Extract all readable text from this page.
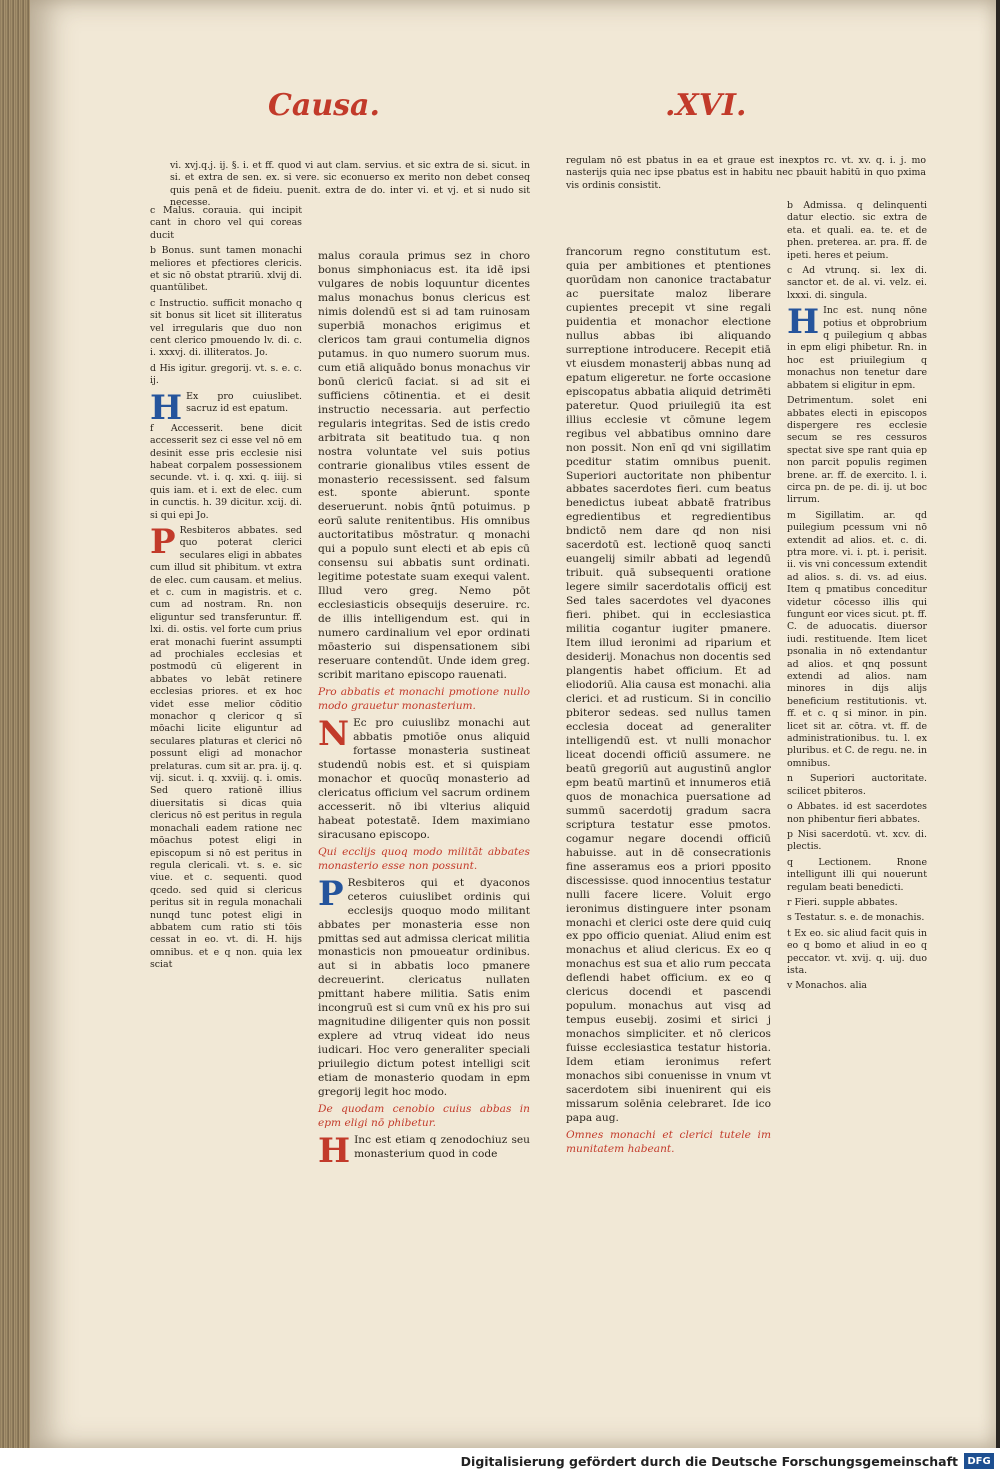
Causa.	.XVI.

vi. xvj.q.j. ij. §. i. et ff. quod vi aut clam. servius. et sic extra de si. sicut. in si. et extra de sen. ex. si vere. sic econuerso ex merito non debet conseq quis penā et de fideiu. puenit. extra de do. inter vi. et vj. et si nudo sit necesse.

c Malus. corauia. qui incipit cant in choro vel qui coreas ducit

b Bonus. sunt tamen monachi meliores et pfectiores clericis. et sic nō obstat ptrariū. xlvij di. quantūlibet.

c Instructio. sufficit monacho q sit bonus sit licet sit illiteratus vel irregularis que duo non cent clerico pmouendo lv. di. c. i. xxxvj. di. illiteratos. Jo.

d His igitur. gregorij. vt. s. e. c. ij.

H Ex pro cuiuslibet. sacruz id est epatum.

f Accesserit. bene dicit accesserit sez ci esse vel nō em desinit esse pris ecclesie nisi habeat corpalem possessionem secunde. vt. i. q. xxi. q. iiij. si quis iam. et i. ext de elec. cum in cunctis. h. 39 dicitur. xcij. di. si qui epi Jo.

P Resbiteros abbates. sed quo poterat clerici seculares eligi in abbates cum illud sit phibitum. vt extra de elec. cum causam. et melius. et c. cum in magistris. et c. cum ad nostram. Rn. non eliguntur sed transferuntur. ff. lxi. di. ostis. vel forte cum prius erat monachi fuerint assumpti ad prochiales ecclesias et postmodū cū eligerent in abbates vo lebāt retinere ecclesias priores. et ex hoc videt esse melior cōditio monachor q clericor q sī mōachi licite eliguntur ad seculares platuras et clerici nō possunt eligi ad monachor prelaturas. cum sit ar. pra. ij. q. vij. sicut. i. q. xxviij. q. i. omis. Sed quero rationē illius diuersitatis si dicas quia clericus nō est peritus in regula monachali eadem ratione nec mōachus potest eligi in episcopum si nō est peritus in regula clericali. vt. s. e. sic viue. et c. sequenti. quod qcedo. sed quid si clericus peritus sit in regula monachali nunqd tunc potest eligi in abbatem cum ratio sti tōis cessat in eo. vt. di. H. hijs omnibus. et e q non. quia lex sciat

malus coraula primus sez in choro bonus simphoniacus est. ita idē ipsi vulgares de nobis loquuntur dicentes malus monachus bonus clericus est nimis dolendū est si ad tam ruinosam superbiā monachos erigimus et clericos tam graui contumelia dignos putamus. in quo numero suorum mus. cum etiā aliquādo bonus monachus vir bonū clericū faciat. si ad sit ei sufficiens cōtinentia. et ei desit instructio necessaria. aut perfectio regularis integritas. Sed de istis credo arbitrata sit beatitudo tua. q non nostra voluntate vel suis potius contrarie gionalibus vtiles essent de monasterio recessissent. sed falsum est. sponte abierunt. sponte deseruerunt. nobis q̄ntū potuimus. p eorū salute renitentibus. His omnibus auctoritatibus mōstratur. q monachi qui a populo sunt electi et ab epis cū consensu sui abbatis sunt ordinati. legitime potestate suam exequi valent. Illud vero greg. Nemo pōt ecclesiasticis obsequijs deseruire. rc. de illis intelligendum est. qui in numero cardinalium vel epor ordinati mōasterio sui dispensationem sibi reseruare contendūt. Unde idem greg. scribit maritano episcopo rauenati.

Pro abbatis et monachi pmotione nullo modo grauetur monasterium.

N Ec pro cuiuslibz monachi aut abbatis pmotiōe onus aliquid fortasse monasteria sustineat studendū nobis est. et si quispiam monachor et quocūq monasterio ad clericatus officium vel sacrum ordinem accesserit. nō ibi vlterius aliquid habeat potestatē. Idem maximiano siracusano episcopo.

Qui ecclijs quoq modo militāt abbates monasterio esse non possunt.

P Resbiteros qui et dyaconos ceteros cuiuslibet ordinis qui ecclesijs quoquo modo militant abbates per monasteria esse non pmittas sed aut admissa clericat militia monasticis non pmoueatur ordinibus. aut si in abbatis loco pmanere decreuerint. clericatus nullaten pmittant habere militia. Satis enim incongruū est si cum vnū ex his pro sui magnitudine diligenter quis non possit explere ad vtruq videat ido neus iudicari. Hoc vero generaliter speciali priuilegio dictum potest intelligi scit etiam de monasterio quodam in epm gregorij legit hoc modo.

De quodam cenobio cuius abbas in epm eligi nō phibetur.

H Inc est etiam q zenodochiuz seu monasterium quod in code

regulam nō est pbatus in ea et graue est inexptos rc. vt. xv. q. i. j. mo nasterijs quia nec ipse pbatus est in habitu nec pbauit habitū in quo pxima vis ordinis consistit.

francorum regno constitutum est. quia per ambitiones et ptentiones quorūdam non canonice tractabatur ac puersitate maloz liberare cupientes precepit vt sine regali puidentia et monachor electione nullus abbas ibi aliquando surreptione introducere. Recepit etiā vt eiusdem monasterij abbas nunq ad epatum eligeretur. ne forte occasione episcopatus abbatia aliquid detrimēti pateretur. Quod priuilegiū ita est illius ecclesie vt cōmune legem regibus vel abbatibus omnino dare non possit. Non enī qd vni sigillatim pceditur statim omnibus puenit. Superiori auctoritate non phibentur abbates sacerdotes fieri. cum beatus benedictus iubeat abbatē fratribus egredientibus et regredientibus bndictō nem dare qd non nisi sacerdotū est. lectionē quoq sancti euangelij similr abbati ad legendū tribuit. quā subsequenti oratione legere similr sacerdotalis officij est Sed tales sacerdotes vel dyacones fieri. phibet. qui in ecclesiastica militia cogantur iugiter pmanere. Item illud ieronimi ad riparium et desiderij. Monachus non docentis sed plangentis habet officium. Et ad eliodoriū. Alia causa est monachi. alia clerici. et ad rusticum. Si in concilio pbiteror sedeas. sed nullus tamen ecclesia doceat ad generaliter intelligendū est. vt nulli monachor liceat docendi officiū assumere. ne beatū gregoriū aut augustinū anglor epm beatū martinū et innumeros etiā quos de monachica puersatione ad summū sacerdotij gradum sacra scriptura testatur esse pmotos. cogamur negare docendi officiū habuisse. aut in dē consecrationis fine asseramus eos a priori pposito discessisse. quod innocentius testatur nulli facere licere. Voluit ergo ieronimus distinguere inter psonam monachi et clerici oste dere quid cuiq ex ppo officio queniat. Aliud enim est monachus et aliud clericus. Ex eo q monachus est sua et alio rum peccata deflendi habet officium. ex eo q clericus docendi et pascendi populum. monachus aut visq ad tempus eusebij. zosimi et sirici j monachos simpliciter. et nō clericos fuisse ecclesiastica testatur historia. Idem etiam ieronimus refert monachos sibi conuenisse in vnum vt sacerdotem sibi inuenirent qui eis missarum solēnia celebraret. Ide ico papa aug.

Omnes monachi et clerici tutele im munitatem habeant.

b Admissa. q delinquenti datur electio. sic extra de eta. et quali. ea. te. et de phen. preterea. ar. pra. ff. de ipeti. heres et peium.

c Ad vtrunq. si. lex di. sanctor et. de al. vi. velz. ei. lxxxi. di. singula.

H Inc est. nunq nōne potius et obprobrium q puilegium q abbas in epm eligi phibetur. Rn. in hoc est priuilegium q monachus non tenetur dare abbatem si eligitur in epm.

Detrimentum. solet eni abbates electi in episcopos dispergere res ecclesie secum se res cessuros spectat sive spe rant quia ep non parcit populis regimen brene. ar. ff. de exercito. l. i. circa pn. de pe. di. ij. ut boc lirrum.

m Sigillatim. ar. qd puilegium pcessum vni nō extendit ad alios. et. c. di. ptra more. vi. i. pt. i. perisit. ii. vis vni concessum extendit ad alios. s. di. vs. ad eius. Item q pmatibus conceditur videtur cōcesso illis qui fungunt eor vices sicut. pt. ff. C. de aduocatis. diuersor iudi. restituende. Item licet psonalia in nō extendantur ad alios. et qnq possunt extendi ad alios. nam minores in dijs alijs beneficium restitutionis. vt. ff. et c. q si minor. in pin. licet sit ar. cōtra. vt. ff. de administrationibus. tu. l. ex pluribus. et C. de regu. ne. in omnibus.

n Superiori auctoritate. scilicet pbiteros.

o Abbates. id est sacerdotes non phibentur fieri abbates.

p Nisi sacerdotū. vt. xcv. di. plectis.

q Lectionem. Rnone intelligunt illi qui nouerunt regulam beati benedicti.

r Fieri. supple abbates.

s Testatur. s. e. de monachis.

t Ex eo. sic aliud facit quis in eo q bomo et aliud in eo q peccator. vt. xvij. q. uij. duo ista.

v Monachos. alia

Digitalisierung gefördert durch die Deutsche Forschungsgemeinschaft DFG
